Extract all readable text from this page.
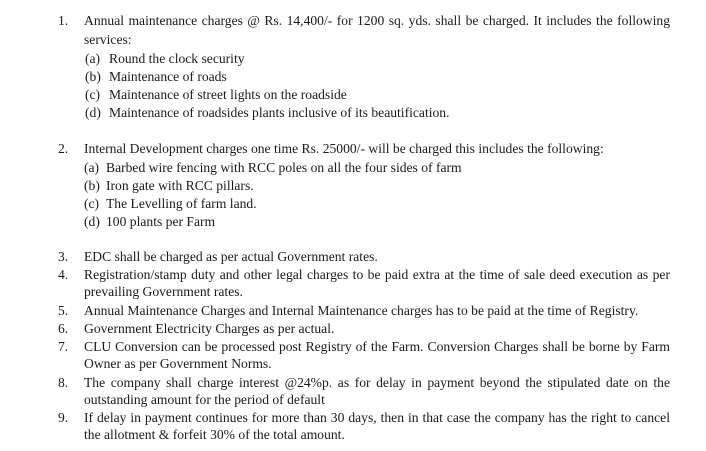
1. Annual maintenance charges @ Rs. 14,400/- for 1200 sq. yds. shall be charged. It includes the following
services:
(a) Round the clock security
(b) Maintenance of roads
(c) Maintenance of street lights on the roadside
(d) Maintenance of roadsides plants inclusive of its beautification.
2. Internal Development charges one time Rs. 25000/- will be charged this includes the following:
(a) Barbed wire fencing with RCC poles on all the four sides of farm
(b) Iron gate with RCC pillars.
(c) The Levelling of farm land.
(d) 100 plants per Farm
3. EDC shall be charged as per actual Government rates.
4. Registration/stamp duty and other legal charges to be paid extra at the time of sale deed execution as per
prevailing Government rates.
5. Annual Maintenance Charges and Internal Maintenance charges has to be paid at the time of Registry.
6. Government Electricity Charges as per actual.
7. CLU Conversion can be processed post Registry of the Farm. Conversion Charges shall be borne by Farm
Owner as per Government Norms.
8. The company shall charge interest @24%p. as for delay in payment beyond the stipulated date on the
outstanding amount for the period of default
9. If delay in payment continues for more than 30 days, then in that case the company has the right to cancel
the allotment & forfeit 30% of the total amount.
